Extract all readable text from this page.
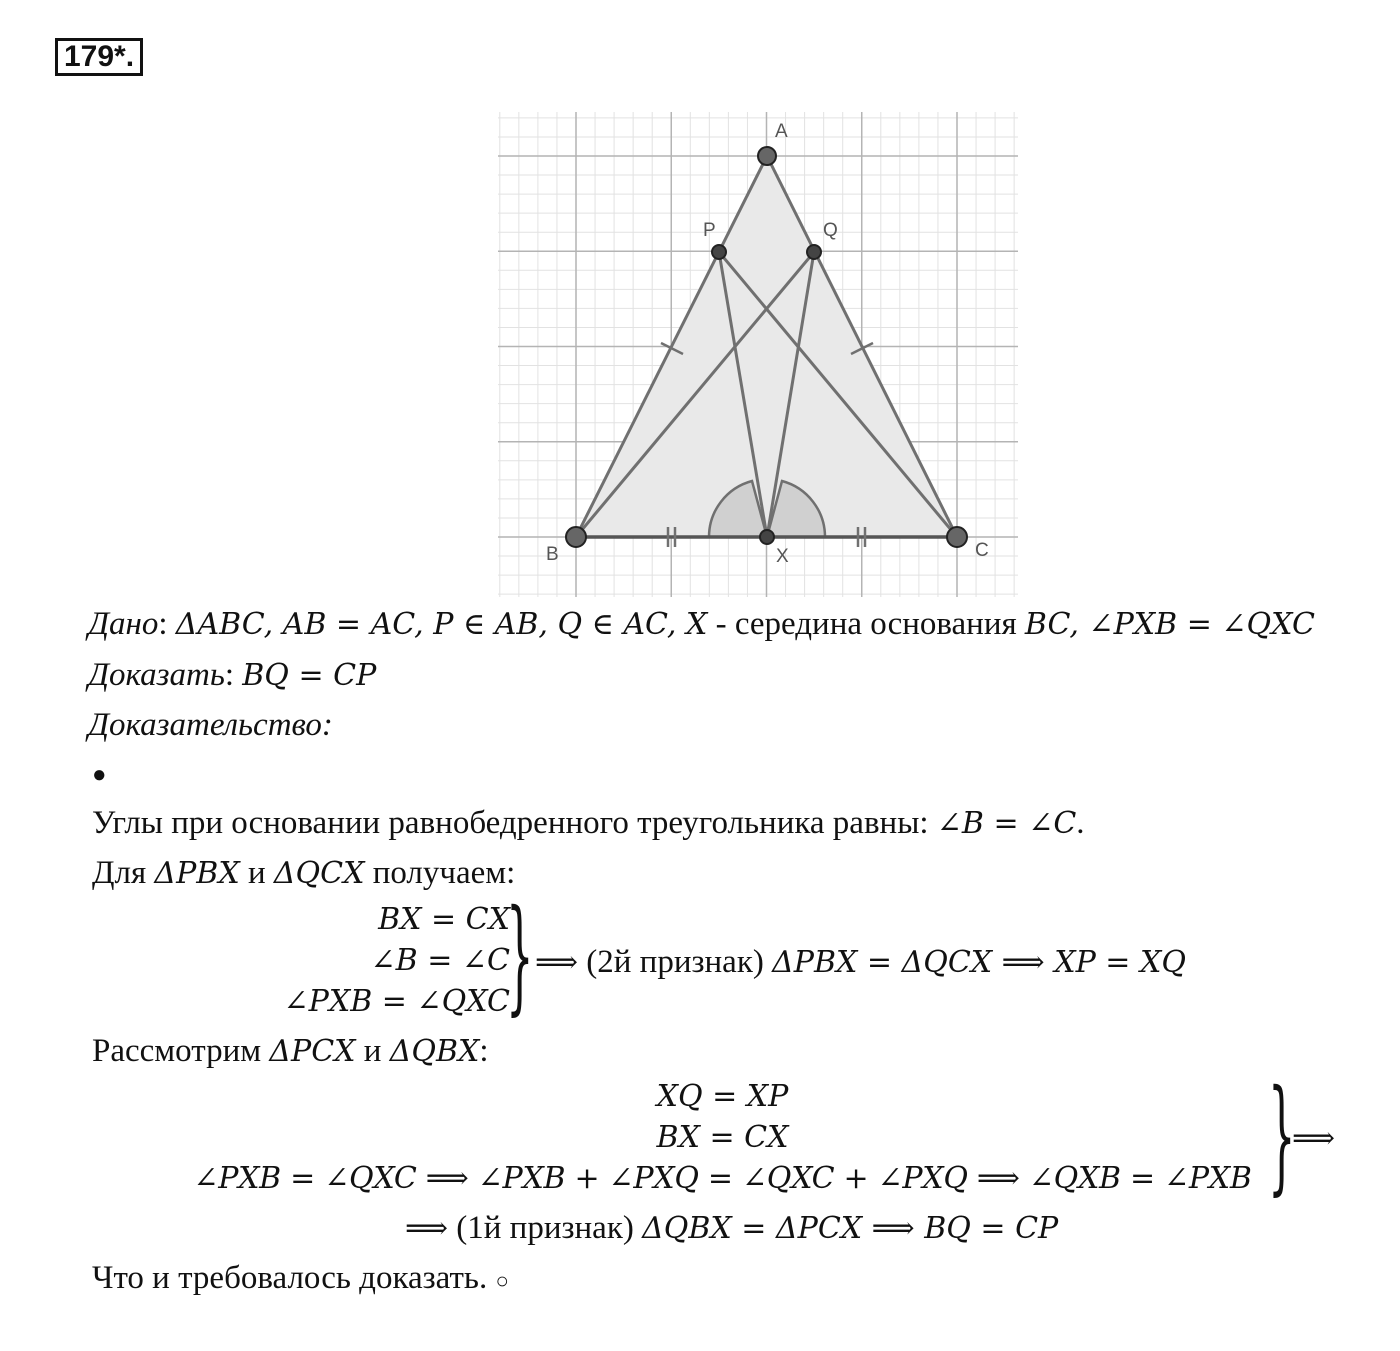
179*.
A
B	C
P	Q
X
Дано: ΔABC, AB = AC, P ∈ AB, Q ∈ AC, X - середина основания BC, ∠PXB = ∠QXC
Доказать: BQ = CP
Доказательство:
●
Углы при основании равнобедренного треугольника равны: ∠B = ∠C.
Для ΔPBX и ΔQCX получаем:
BX = CX
∠B = ∠C
∠PXB = ∠QXC
} ⟹ (2й признак) ΔPBX = ΔQCX ⟹ XP = XQ
Рассмотрим ΔPCX и ΔQBX:
XQ = XP
BX = CX
∠PXB = ∠QXC ⟹ ∠PXB + ∠PXQ = ∠QXC + ∠PXQ ⟹ ∠QXB = ∠PXB }
⟹
⟹ (1й признак) ΔQBX = ΔPCX ⟹ BQ = CP
Что и требовалось доказать. ○
